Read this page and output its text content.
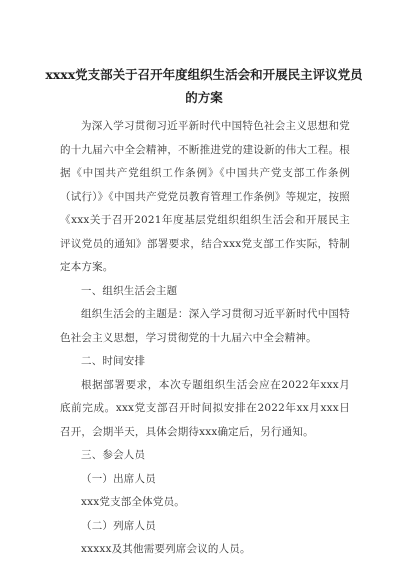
xxxx党支部关于召开年度组织生活会和开展民主评议党员
的方案

为深入学习贯彻习近平新时代中国特色社会主义思想和党的十九届六中全会精神，不断推进党的建设新的伟大工程。根据《中国共产党组织工作条例》《中国共产党支部工作条例（试行）》《中国共产党党员教育管理工作条例》等规定，按照《xxx关于召开2021年度基层党组织组织生活会和开展民主评议党员的通知》部署要求，结合xxx党支部工作实际，特制定本方案。

一、组织生活会主题

组织生活会的主题是：深入学习贯彻习近平新时代中国特色社会主义思想，学习贯彻党的十九届六中全会精神。

二、时间安排

根据部署要求，本次专题组织生活会应在2022年xxx月底前完成。xxx党支部召开时间拟安排在2022年xx月xxx日召开，会期半天，具体会期待xxx确定后，另行通知。

三、参会人员

（一）出席人员

xxx党支部全体党员。

（二）列席人员

xxxxx及其他需要列席会议的人员。
